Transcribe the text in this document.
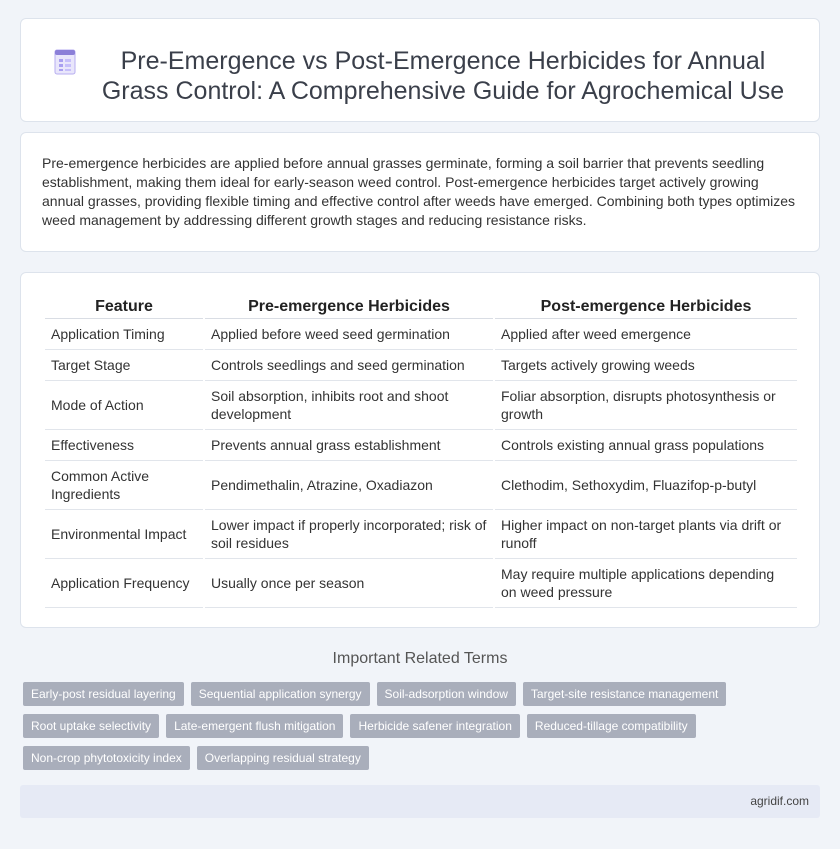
Pre-Emergence vs Post-Emergence Herbicides for Annual Grass Control: A Comprehensive Guide for Agrochemical Use

Pre-emergence herbicides are applied before annual grasses germinate, forming a soil barrier that prevents seedling establishment, making them ideal for early-season weed control. Post-emergence herbicides target actively growing annual grasses, providing flexible timing and effective control after weeds have emerged. Combining both types optimizes weed management by addressing different growth stages and reducing resistance risks.

Feature	Pre-emergence Herbicides	Post-emergence Herbicides
Application Timing	Applied before weed seed germination	Applied after weed emergence
Target Stage	Controls seedlings and seed germination	Targets actively growing weeds
Mode of Action	Soil absorption, inhibits root and shoot development	Foliar absorption, disrupts photosynthesis or growth
Effectiveness	Prevents annual grass establishment	Controls existing annual grass populations
Common Active Ingredients	Pendimethalin, Atrazine, Oxadiazon	Clethodim, Sethoxydim, Fluazifop-p-butyl
Environmental Impact	Lower impact if properly incorporated; risk of soil residues	Higher impact on non-target plants via drift or runoff
Application Frequency	Usually once per season	May require multiple applications depending on weed pressure
Important Related Terms
Early-post residual layering	Sequential application synergy	Soil-adsorption window	Target-site resistance management
Root uptake selectivity	Late-emergent flush mitigation	Herbicide safener integration	Reduced-tillage compatibility
Non-crop phytotoxicity index	Overlapping residual strategy
agridif.com
